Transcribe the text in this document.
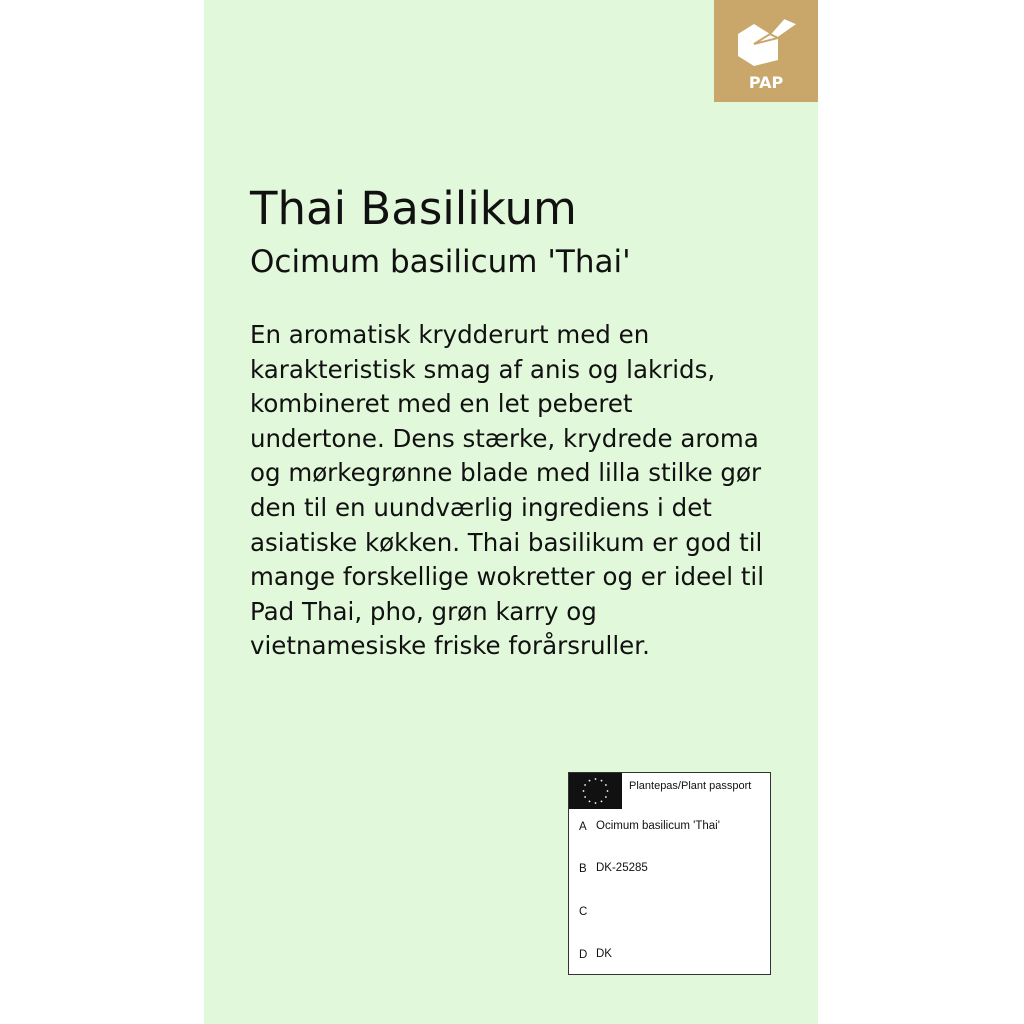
PAP
Thai Basilikum
Ocimum basilicum 'Thai'
En aromatisk krydderurt med en karakteristisk smag af anis og lakrids, kombineret med en let peberet undertone. Dens stærke, krydrede aroma og mørkegrønne blade med lilla stilke gør den til en uundværlig ingrediens i det asiatiske køkken. Thai basilikum er god til mange forskellige wokretter og er ideel til Pad Thai, pho, grøn karry og vietnamesiske friske forårsruller.
Plantepas/Plant passport
A Ocimum basilicum 'Thai'
B DK-25285
C
D DK
